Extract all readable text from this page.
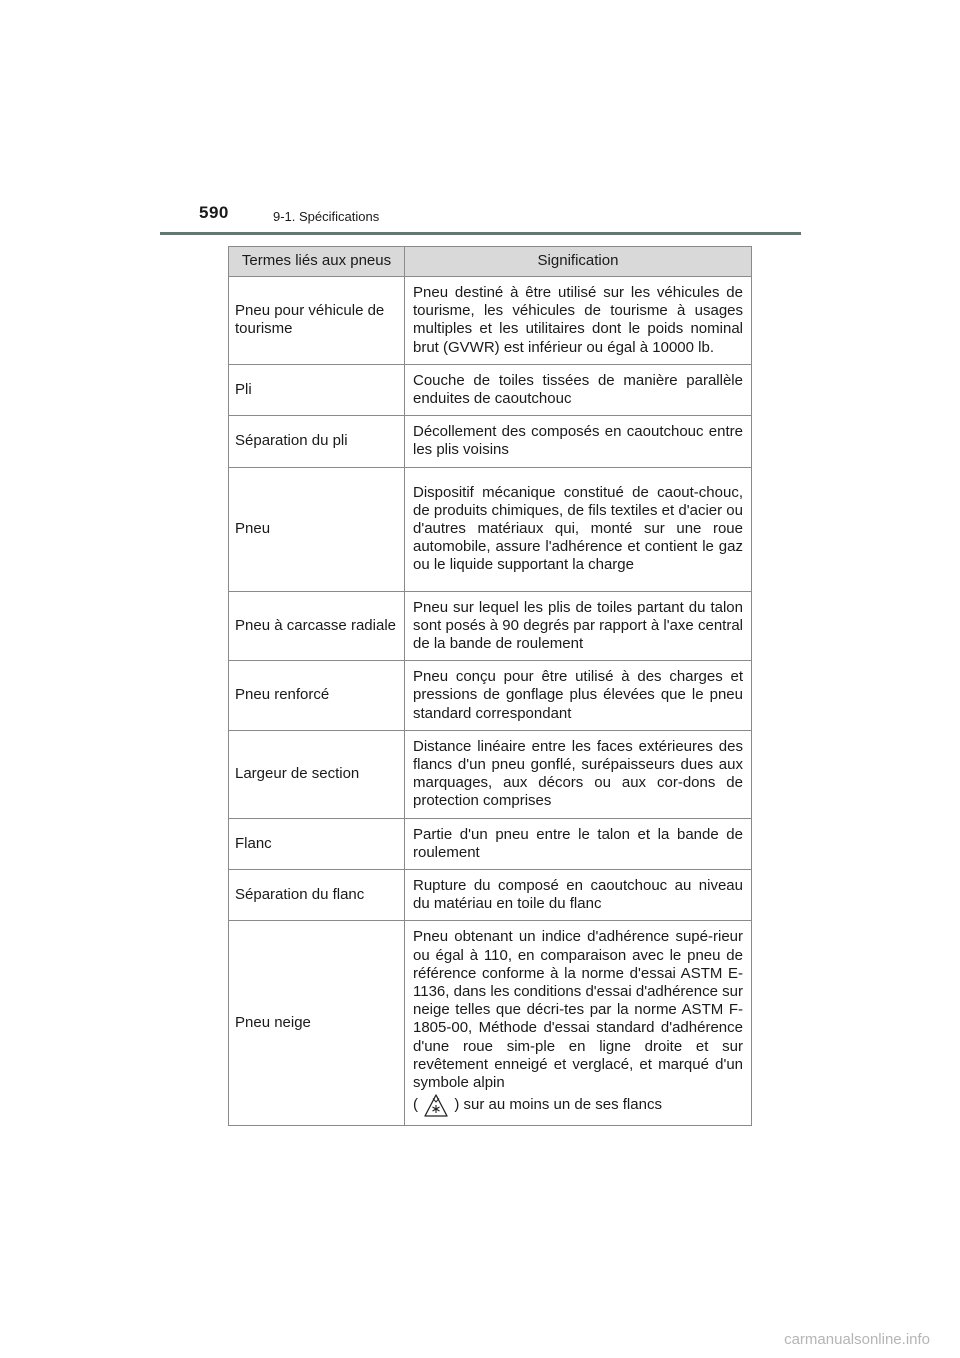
590	9-1. Spécifications
Termes liés aux pneus	Signification
Pneu pour véhicule de tourisme	Pneu destiné à être utilisé sur les véhicules de tourisme, les véhicules de tourisme à usages multiples et les utilitaires dont le poids nominal brut (GVWR) est inférieur ou égal à 10000 lb.
Pli	Couche de toiles tissées de manière parallèle enduites de caoutchouc
Séparation du pli	Décollement des composés en caoutchouc entre les plis voisins
Pneu	Dispositif mécanique constitué de caout-chouc, de produits chimiques, de fils textiles et d'acier ou d'autres matériaux qui, monté sur une roue automobile, assure l'adhérence et contient le gaz ou le liquide supportant la charge
Pneu à carcasse radiale	Pneu sur lequel les plis de toiles partant du talon sont posés à 90 degrés par rapport à l'axe central de la bande de roulement
Pneu renforcé	Pneu conçu pour être utilisé à des charges et pressions de gonflage plus élevées que le pneu standard correspondant
Largeur de section	Distance linéaire entre les faces extérieures des flancs d'un pneu gonflé, surépaisseurs dues aux marquages, aux décors ou aux cor-dons de protection comprises
Flanc	Partie d'un pneu entre le talon et la bande de roulement
Séparation du flanc	Rupture du composé en caoutchouc au niveau du matériau en toile du flanc
Pneu neige	Pneu obtenant un indice d'adhérence supé-rieur ou égal à 110, en comparaison avec le pneu de référence conforme à la norme d'essai ASTM E-1136, dans les conditions d'essai d'adhérence sur neige telles que décri-tes par la norme ASTM F-1805-00, Méthode d'essai standard d'adhérence d'une roue sim-ple en ligne droite et sur revêtement enneigé et verglacé, et marqué d'un symbole alpin
( ) sur au moins un de ses flancs
carmanualsonline.info
